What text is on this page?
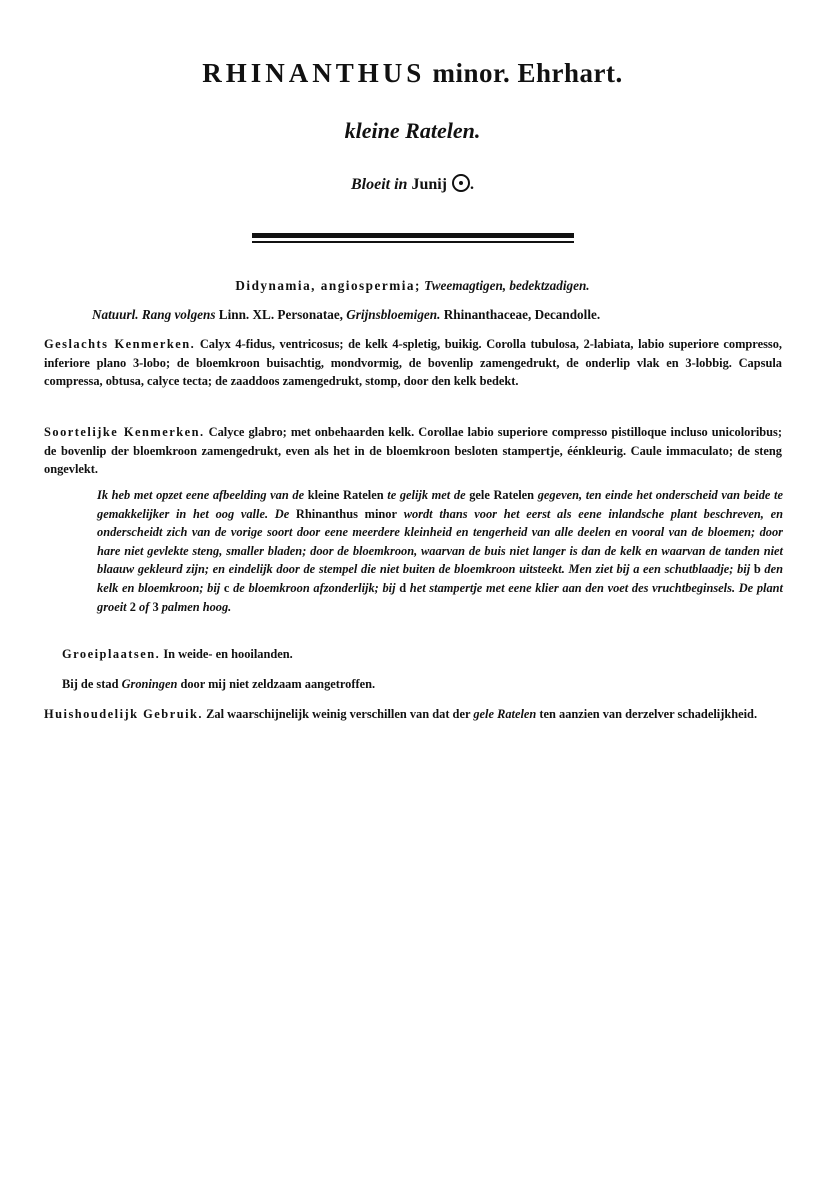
RHINANTHUS minor. Ehrhart.
kleine Ratelen.
Bloeit in Junij .
Didynamia, angiospermia; Tweemagtigen, bedektzadigen.
Natuurl. Rang volgens Linn. XL. Personatae, Grijnsbloemigen. Rhinanthaceae, Decandolle.
Geslachts Kenmerken. Calyx 4-fidus, ventricosus; de kelk 4-spletig, buikig. Corolla tubulosa, 2-labiata, labio superiore compresso, inferiore plano 3-lobo; de bloemkroon buisachtig, mondvormig, de bovenlip zamengedrukt, de onderlip vlak en 3-lobbig. Capsula compressa, obtusa, calyce tecta; de zaaddoos zamengedrukt, stomp, door den kelk bedekt.
Soortelijke Kenmerken. Calyce glabro; met onbehaarden kelk. Corollae labio superiore compresso pistilloque incluso unicoloribus; de bovenlip der bloemkroon zamengedrukt, even als het in de bloemkroon besloten stampertje, éénkleurig. Caule immaculato; de steng ongevlekt.
Ik heb met opzet eene afbeelding van de kleine Ratelen te gelijk met de gele Ratelen gegeven, ten einde het onderscheid van beide te gemakkelijker in het oog valle. De Rhinanthus minor wordt thans voor het eerst als eene inlandsche plant beschreven, en onderscheidt zich van de vorige soort door eene meerdere kleinheid en tengerheid van alle deelen en vooral van de bloemen; door hare niet gevlekte steng, smaller bladen; door de bloemkroon, waarvan de buis niet langer is dan de kelk en waarvan de tanden niet blaauw gekleurd zijn; en eindelijk door de stempel die niet buiten de bloemkroon uitsteekt. Men ziet bij a een schutblaadje; bij b den kelk en bloemkroon; bij c de bloemkroon afzonderlijk; bij d het stampertje met eene klier aan den voet des vruchtbeginsels. De plant groeit 2 of 3 palmen hoog.
Groeiplaatsen. In weide- en hooilanden.
Bij de stad Groningen door mij niet zeldzaam aangetroffen.
Huishoudelijk Gebruik. Zal waarschijnelijk weinig verschillen van dat der gele Ratelen ten aanzien van derzelver schadelijkheid.
